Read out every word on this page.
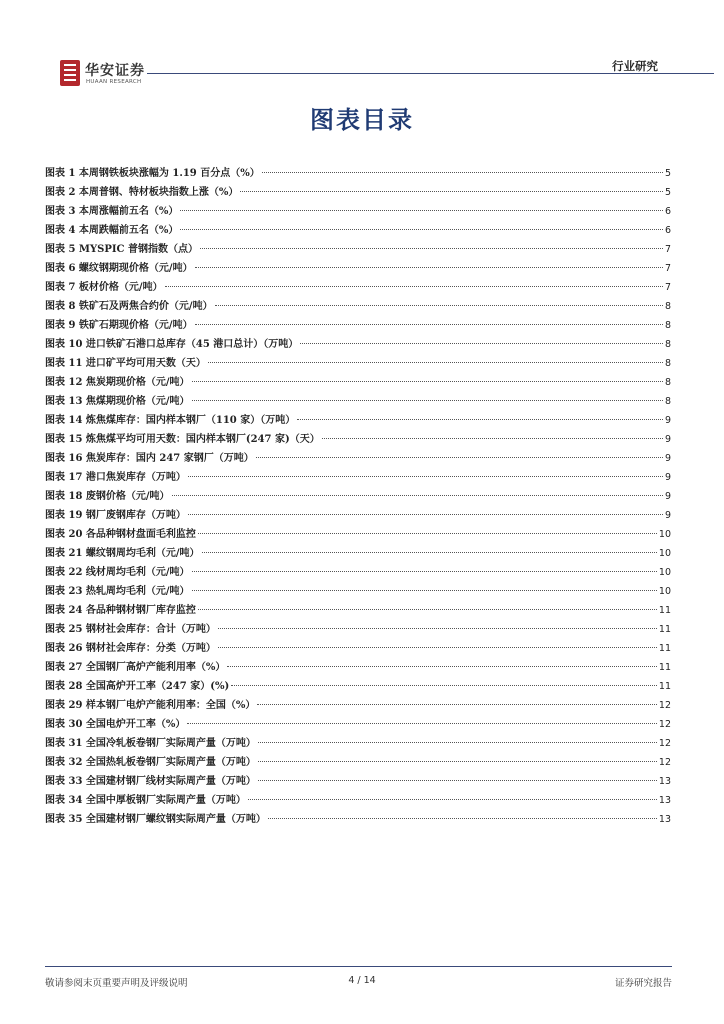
华安证券
HUAAN RESEARCH
行业研究
图表目录
图表 1 本周钢铁板块涨幅为 1.19 百分点（%）	5
图表 2 本周普钢、特材板块指数上涨（%）	5
图表 3 本周涨幅前五名（%）	6
图表 4 本周跌幅前五名（%）	6
图表 5 MYSPIC 普钢指数（点）	7
图表 6 螺纹钢期现价格（元/吨）	7
图表 7 板材价格（元/吨）	7
图表 8 铁矿石及两焦合约价（元/吨）	8
图表 9 铁矿石期现价格（元/吨）	8
图表 10 进口铁矿石港口总库存（45 港口总计）（万吨）	8
图表 11 进口矿平均可用天数（天）	8
图表 12 焦炭期现价格（元/吨）	8
图表 13 焦煤期现价格（元/吨）	8
图表 14 炼焦煤库存：国内样本钢厂（110 家）（万吨）	9
图表 15 炼焦煤平均可用天数：国内样本钢厂(247 家)（天）	9
图表 16 焦炭库存：国内 247 家钢厂（万吨）	9
图表 17 港口焦炭库存（万吨）	9
图表 18 废钢价格（元/吨）	9
图表 19 钢厂废钢库存（万吨）	9
图表 20 各品种钢材盘面毛利监控	10
图表 21 螺纹钢周均毛利（元/吨）	10
图表 22 线材周均毛利（元/吨）	10
图表 23 热轧周均毛利（元/吨）	10
图表 24 各品种钢材钢厂库存监控	11
图表 25 钢材社会库存：合计（万吨）	11
图表 26 钢材社会库存：分类（万吨）	11
图表 27 全国钢厂高炉产能利用率（%）	11
图表 28 全国高炉开工率（247 家）(%)	11
图表 29 样本钢厂电炉产能利用率：全国（%）	12
图表 30 全国电炉开工率（%）	12
图表 31 全国冷轧板卷钢厂实际周产量（万吨）	12
图表 32 全国热轧板卷钢厂实际周产量（万吨）	12
图表 33 全国建材钢厂线材实际周产量（万吨）	13
图表 34 全国中厚板钢厂实际周产量（万吨）	13
图表 35 全国建材钢厂螺纹钢实际周产量（万吨）	13
敬请参阅末页重要声明及评级说明	4 / 14	证券研究报告
